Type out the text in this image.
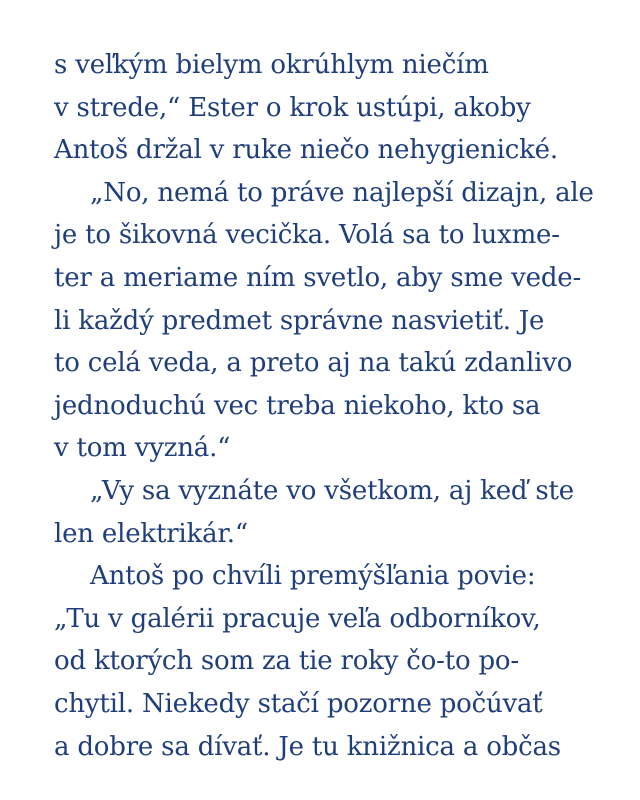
s veľkým bielym okrúhlym niečím
v strede,“ Ester o krok ustúpi, akoby
Antoš držal v ruke niečo nehygienické.
„No, nemá to práve najlepší dizajn, ale
je to šikovná vecička. Volá sa to luxme-
ter a meriame ním svetlo, aby sme vede-
li každý predmet správne nasvietiť. Je
to celá veda, a preto aj na takú zdanlivo
jednoduchú vec treba niekoho, kto sa
v tom vyzná.“
„Vy sa vyznáte vo všetkom, aj keď ste
len elektrikár.“
Antoš po chvíli premýšľania povie:
„Tu v galérii pracuje veľa odborníkov,
od ktorých som za tie roky čo-to po-
chytil. Niekedy stačí pozorne počúvať
a dobre sa dívať. Je tu knižnica a občas
